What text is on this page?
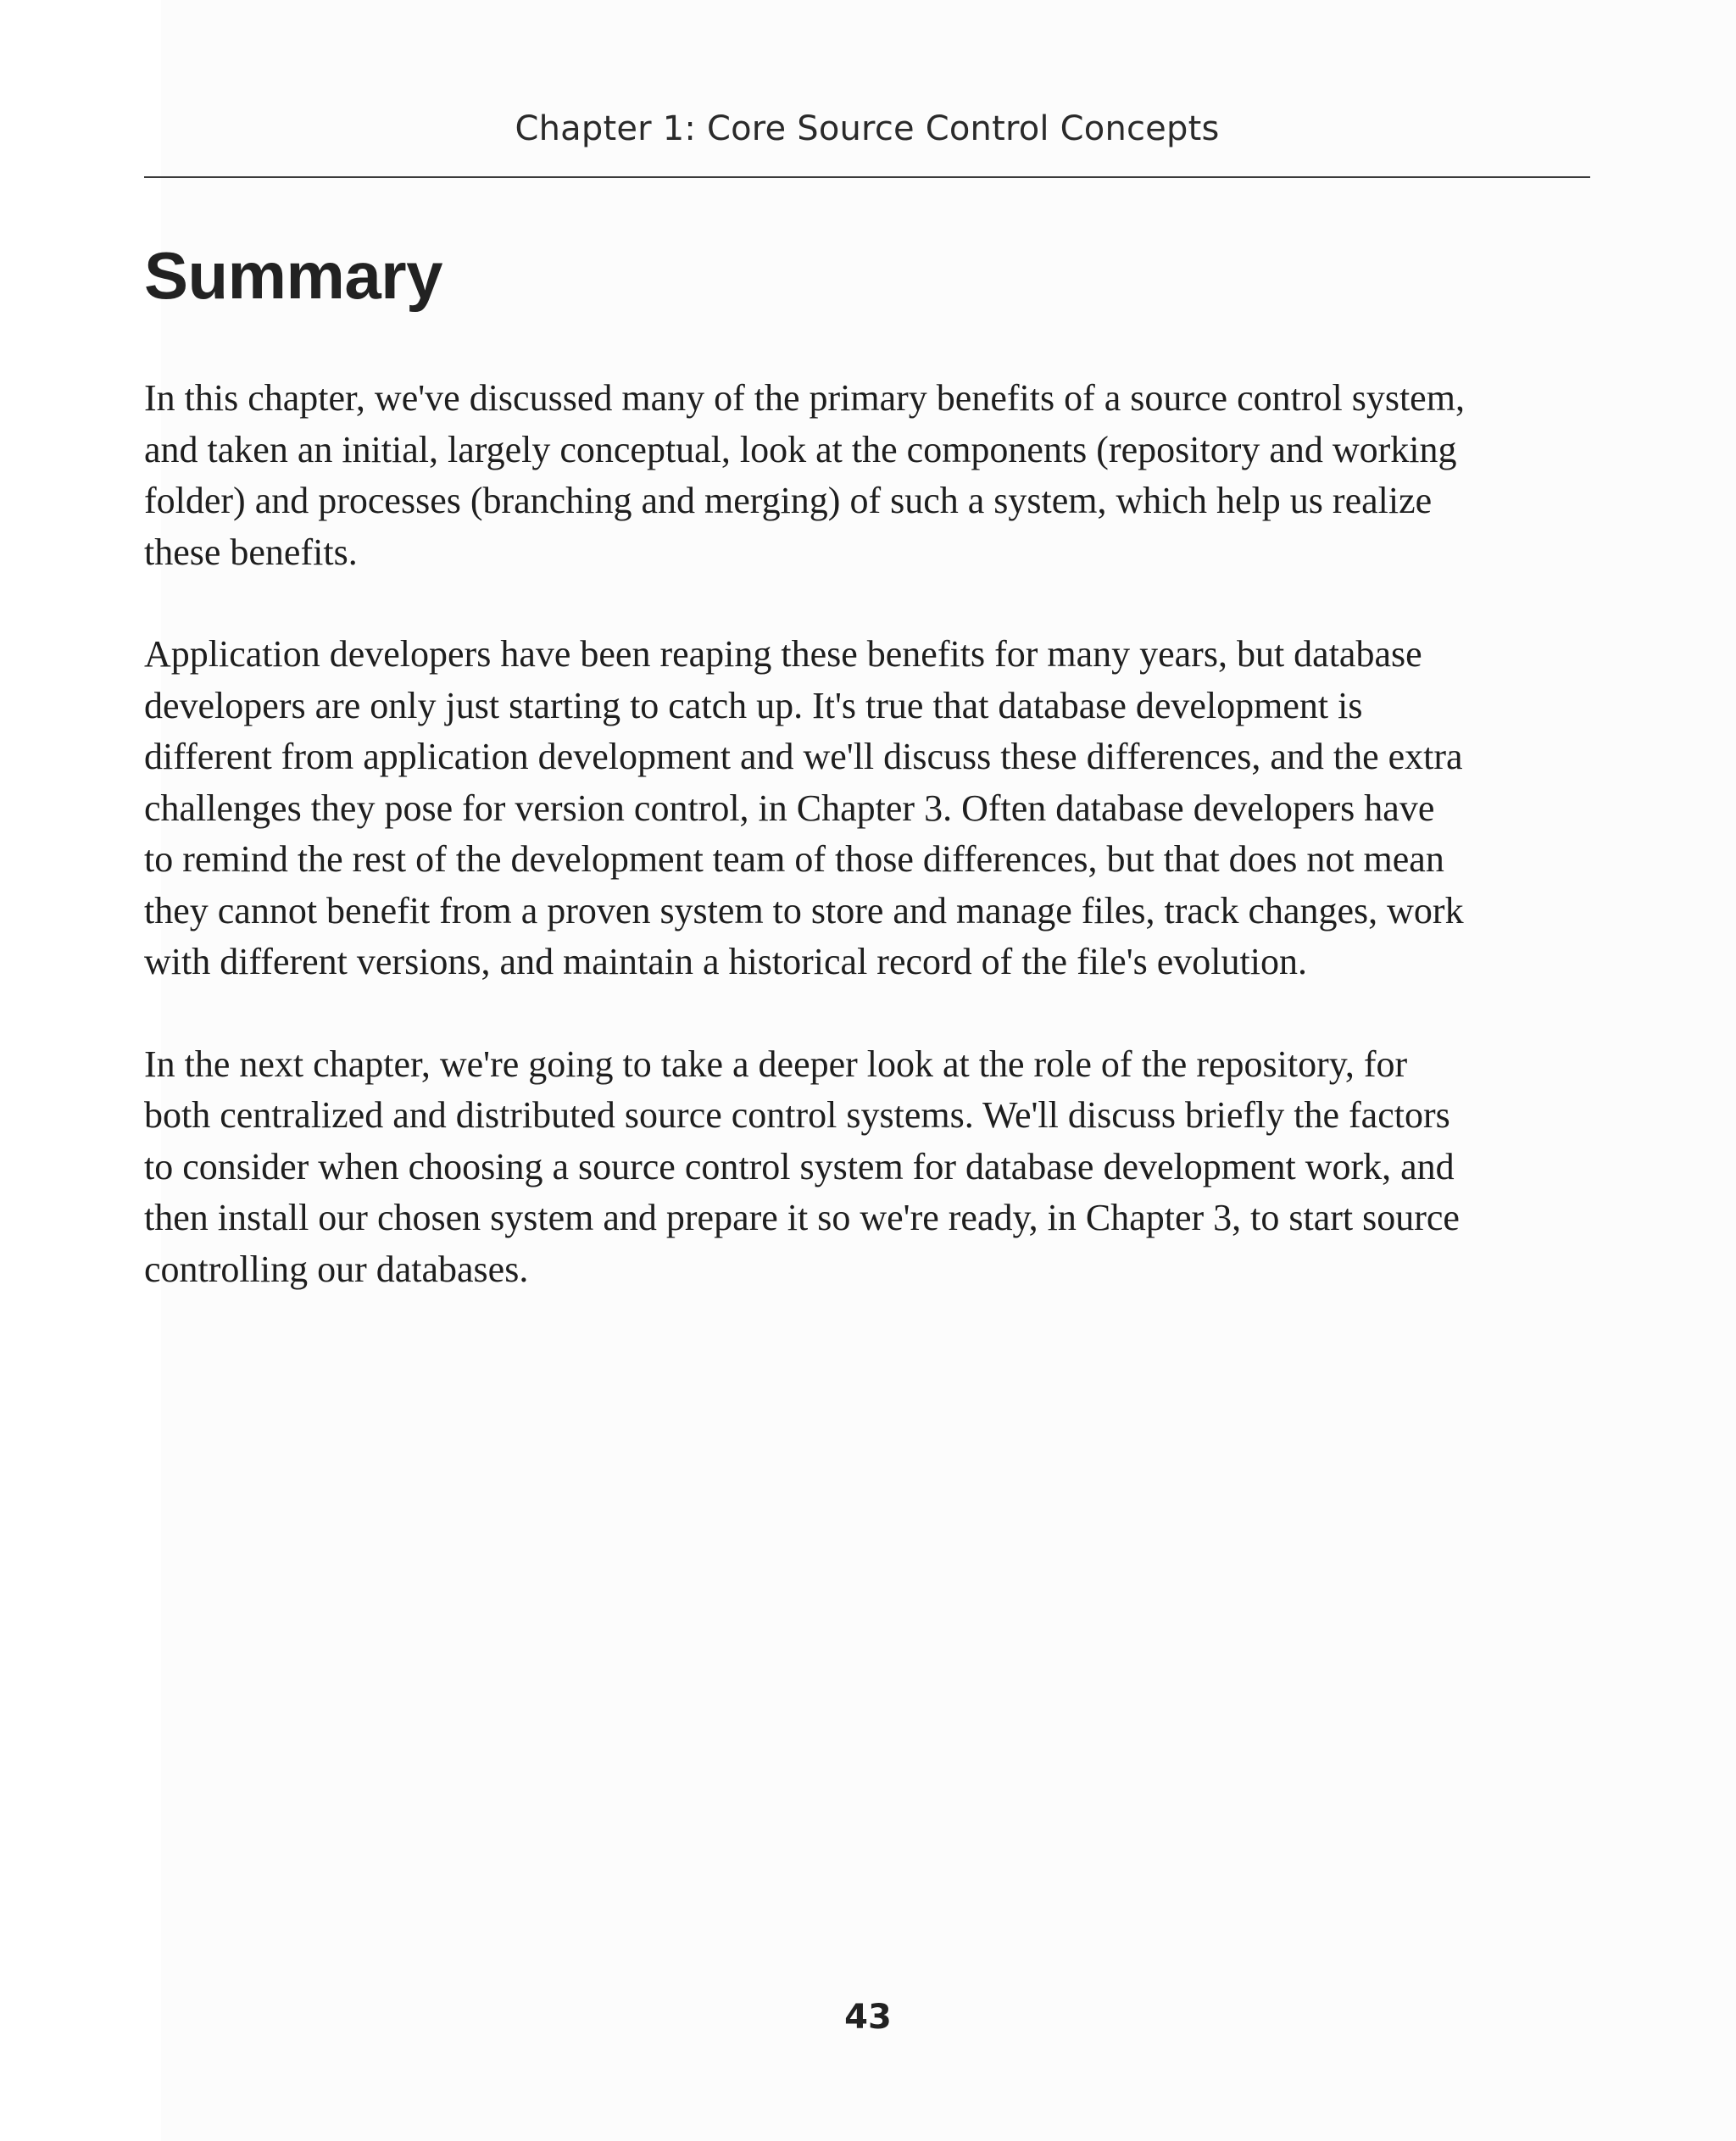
Chapter 1: Core Source Control Concepts
Summary

In this chapter, we've discussed many of the primary benefits of a source control system,
and taken an initial, largely conceptual, look at the components (repository and working
folder) and processes (branching and merging) of such a system, which help us realize
these benefits.

Application developers have been reaping these benefits for many years, but database
developers are only just starting to catch up. It's true that database development is
different from application development and we'll discuss these differences, and the extra
challenges they pose for version control, in Chapter 3. Often database developers have
to remind the rest of the development team of those differences, but that does not mean
they cannot benefit from a proven system to store and manage files, track changes, work
with different versions, and maintain a historical record of the file's evolution.

In the next chapter, we're going to take a deeper look at the role of the repository, for
both centralized and distributed source control systems. We'll discuss briefly the factors
to consider when choosing a source control system for database development work, and
then install our chosen system and prepare it so we're ready, in Chapter 3, to start source
controlling our databases.

43
